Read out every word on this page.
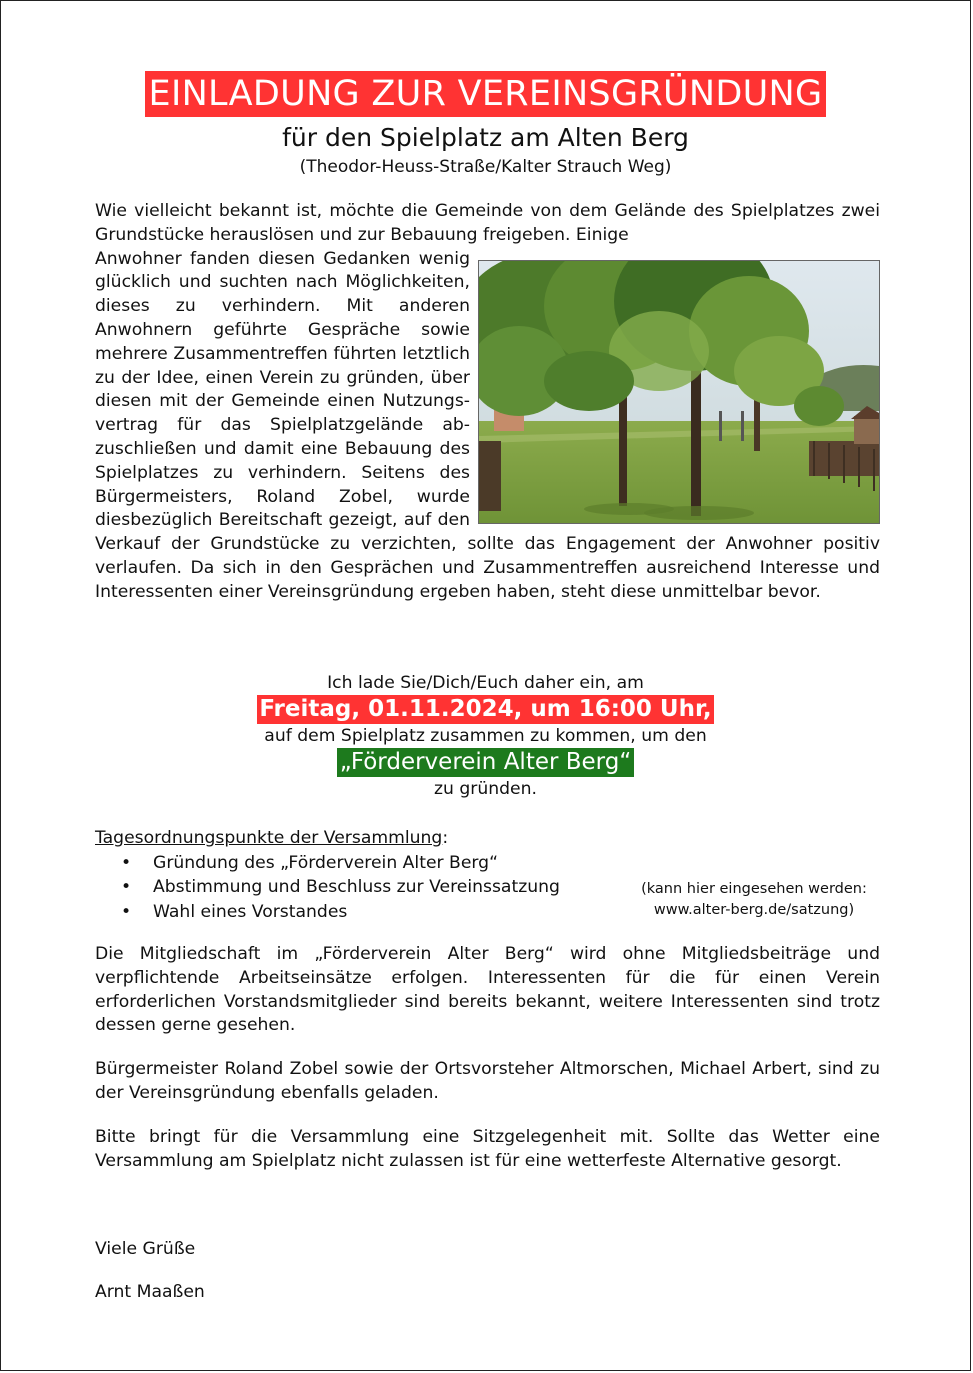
EINLADUNG ZUR VEREINSGRÜNDUNG
für den Spielplatz am Alten Berg
(Theodor-Heuss-Straße/Kalter Strauch Weg)

Wie vielleicht bekannt ist, möchte die Gemeinde von dem Gelände des Spielplatzes zwei Grundstücke herauslösen und zur Bebauung freigeben. Einige

Anwohner fanden diesen Gedanken wenig glücklich und suchten nach Möglichkeiten, dieses zu verhindern. Mit anderen Anwohnern geführte Gespräche sowie mehrere Zusammentreffen führten letztlich zu der Idee, einen Verein zu gründen, über diesen mit der Gemeinde einen Nutzungsvertrag für das Spielplatzgelände abzuschließen und damit eine Bebauung des Spielplatzes zu verhindern. Seitens des Bürgermeisters, Roland Zobel, wurde diesbezüglich Bereitschaft gezeigt, auf den Verkauf der Grundstücke zu verzichten, sollte das Engagement der Anwohner positiv verlaufen. Da sich in den Gesprächen und Zusammentreffen ausreichend Interesse und Interessenten einer Vereinsgründung ergeben haben, steht diese unmittelbar bevor.

Ich lade Sie/Dich/Euch daher ein, am
Freitag, 01.11.2024, um 16:00 Uhr,
auf dem Spielplatz zusammen zu kommen, um den
„Förderverein Alter Berg“
zu gründen.
Tagesordnungspunkte der Versammlung:
• Gründung des „Förderverein Alter Berg“
• Abstimmung und Beschluss zur Vereinssatzung
• Wahl eines Vorstandes
(kann hier eingesehen werden:
www.alter-berg.de/satzung)

Die Mitgliedschaft im „Förderverein Alter Berg“ wird ohne Mitgliedsbeiträge und verpflichtende Arbeitseinsätze erfolgen. Interessenten für die für einen Verein erforderlichen Vorstandsmitglieder sind bereits bekannt, weitere Interessenten sind trotz dessen gerne gesehen.

Bürgermeister Roland Zobel sowie der Ortsvorsteher Altmorschen, Michael Arbert, sind zu der Vereinsgründung ebenfalls geladen.

Bitte bringt für die Versammlung eine Sitzgelegenheit mit. Sollte das Wetter eine Versammlung am Spielplatz nicht zulassen ist für eine wetterfeste Alternative gesorgt.

Viele Grüße
Arnt Maaßen
